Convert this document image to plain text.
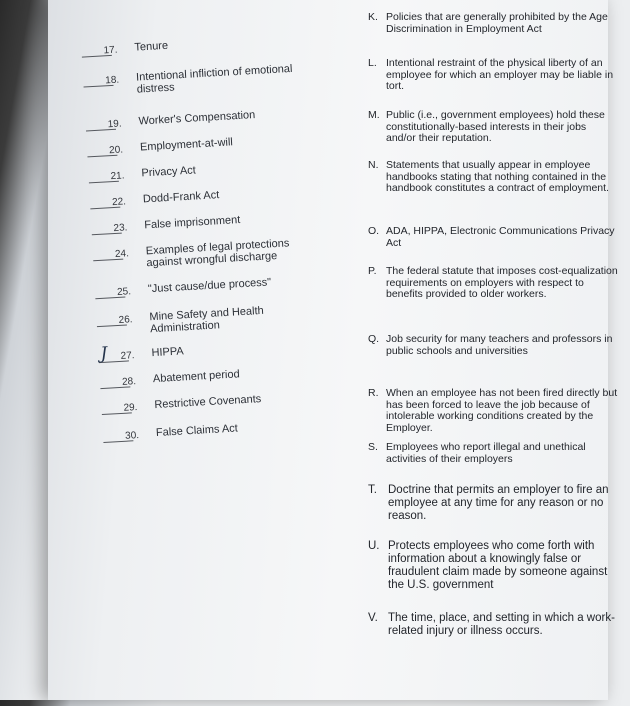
17. Tenure
18. Intentional infliction of emotional distress
19. Worker's Compensation
20. Employment-at-will
21. Privacy Act
22. Dodd-Frank Act
23. False imprisonment
24. Examples of legal protections against wrongful discharge
25. "Just cause/due process"
26. Mine Safety and Health Administration
J 27. HIPPA
28. Abatement period
29. Restrictive Covenants
30. False Claims Act
K. Policies that are generally prohibited by the Age Discrimination in Employment Act
L. Intentional restraint of the physical liberty of an employee for which an employer may be liable in tort.
M. Public (i.e., government employees) hold these constitutionally-based interests in their jobs and/or their reputation.
N. Statements that usually appear in employee handbooks stating that nothing contained in the handbook constitutes a contract of employment.
O. ADA, HIPPA, Electronic Communications Privacy Act
P. The federal statute that imposes cost-equalization requirements on employers with respect to benefits provided to older workers.
Q. Job security for many teachers and professors in public schools and universities
R. When an employee has not been fired directly but has been forced to leave the job because of intolerable working conditions created by the Employer.
S. Employees who report illegal and unethical activities of their employers
T. Doctrine that permits an employer to fire an employee at any time for any reason or no reason.
U. Protects employees who come forth with information about a knowingly false or fraudulent claim made by someone against the U.S. government
V. The time, place, and setting in which a work-related injury or illness occurs.
